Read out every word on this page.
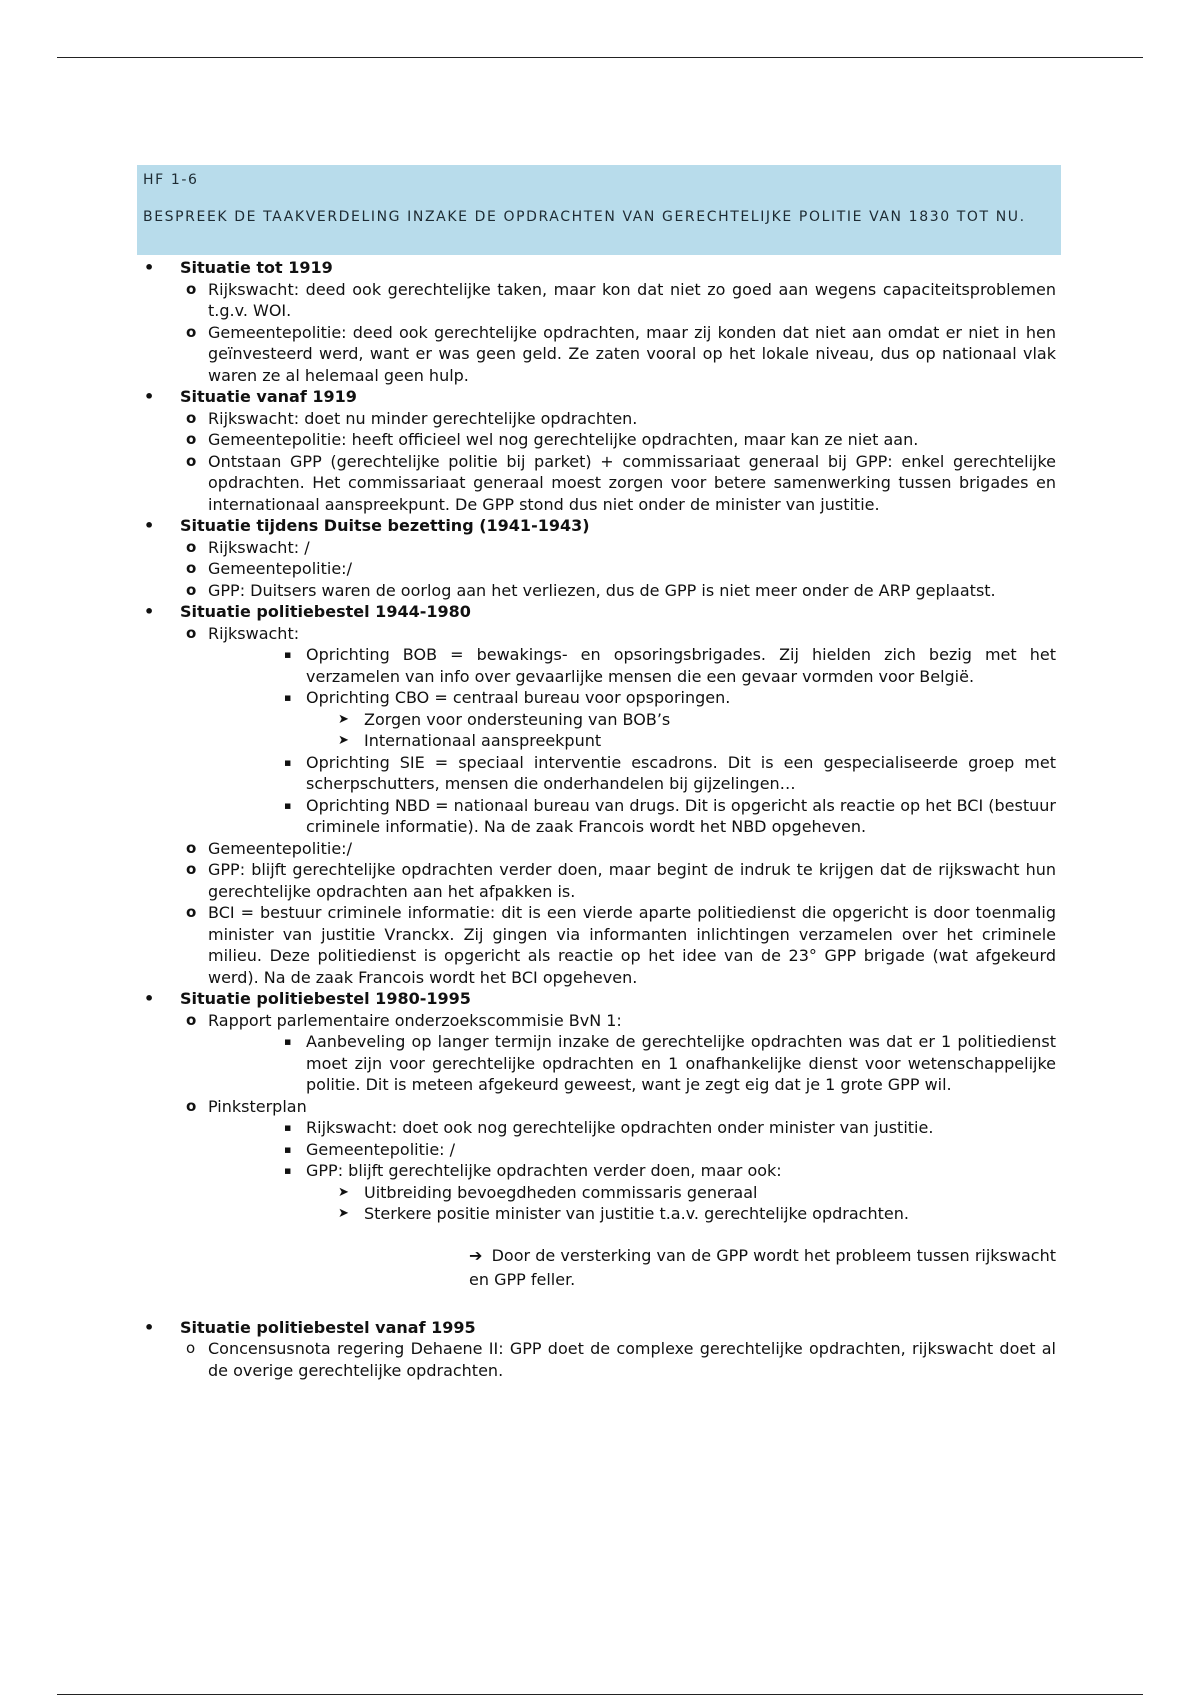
HF 1-6
BESPREEK DE TAAKVERDELING INZAKE DE OPDRACHTEN VAN GERECHTELIJKE POLITIE VAN 1830 TOT NU.
• Situatie tot 1919
o Rijkswacht: deed ook gerechtelijke taken, maar kon dat niet zo goed aan wegens capaciteitsproblemen t.g.v. WOI.
o Gemeentepolitie: deed ook gerechtelijke opdrachten, maar zij konden dat niet aan omdat er niet in hen geïnvesteerd werd, want er was geen geld. Ze zaten vooral op het lokale niveau, dus op nationaal vlak waren ze al helemaal geen hulp.
• Situatie vanaf 1919
o Rijkswacht: doet nu minder gerechtelijke opdrachten.
o Gemeentepolitie: heeft officieel wel nog gerechtelijke opdrachten, maar kan ze niet aan.
o Ontstaan GPP (gerechtelijke politie bij parket) + commissariaat generaal bij GPP: enkel gerechtelijke opdrachten. Het commissariaat generaal moest zorgen voor betere samenwerking tussen brigades en internationaal aanspreekpunt. De GPP stond dus niet onder de minister van justitie.
• Situatie tijdens Duitse bezetting (1941-1943)
o Rijkswacht: /
o Gemeentepolitie:/
o GPP: Duitsers waren de oorlog aan het verliezen, dus de GPP is niet meer onder de ARP geplaatst.
• Situatie politiebestel 1944-1980
o Rijkswacht:
▪ Oprichting BOB = bewakings- en opsoringsbrigades. Zij hielden zich bezig met het verzamelen van info over gevaarlijke mensen die een gevaar vormden voor België.
▪ Oprichting CBO = centraal bureau voor opsporingen.
➤ Zorgen voor ondersteuning van BOB’s
➤ Internationaal aanspreekpunt
▪ Oprichting SIE = speciaal interventie escadrons. Dit is een gespecialiseerde groep met scherpschutters, mensen die onderhandelen bij gijzelingen…
▪ Oprichting NBD = nationaal bureau van drugs. Dit is opgericht als reactie op het BCI (bestuur criminele informatie). Na de zaak Francois wordt het NBD opgeheven.
o Gemeentepolitie:/
o GPP: blijft gerechtelijke opdrachten verder doen, maar begint de indruk te krijgen dat de rijkswacht hun gerechtelijke opdrachten aan het afpakken is.
o BCI = bestuur criminele informatie: dit is een vierde aparte politiedienst die opgericht is door toenmalig minister van justitie Vranckx. Zij gingen via informanten inlichtingen verzamelen over het criminele milieu. Deze politiedienst is opgericht als reactie op het idee van de 23° GPP brigade (wat afgekeurd werd). Na de zaak Francois wordt het BCI opgeheven.
• Situatie politiebestel 1980-1995
o Rapport parlementaire onderzoekscommisie BvN 1:
▪ Aanbeveling op langer termijn inzake de gerechtelijke opdrachten was dat er 1 politiedienst moet zijn voor gerechtelijke opdrachten en 1 onafhankelijke dienst voor wetenschappelijke politie. Dit is meteen afgekeurd geweest, want je zegt eig dat je 1 grote GPP wil.
o Pinksterplan
▪ Rijkswacht: doet ook nog gerechtelijke opdrachten onder minister van justitie.
▪ Gemeentepolitie: /
▪ GPP: blijft gerechtelijke opdrachten verder doen, maar ook:
➤ Uitbreiding bevoegdheden commissaris generaal
➤ Sterkere positie minister van justitie t.a.v. gerechtelijke opdrachten.
➔ Door de versterking van de GPP wordt het probleem tussen rijkswacht en GPP feller.
• Situatie politiebestel vanaf 1995
o Concensusnota regering Dehaene II: GPP doet de complexe gerechtelijke opdrachten, rijkswacht doet al de overige gerechtelijke opdrachten.
